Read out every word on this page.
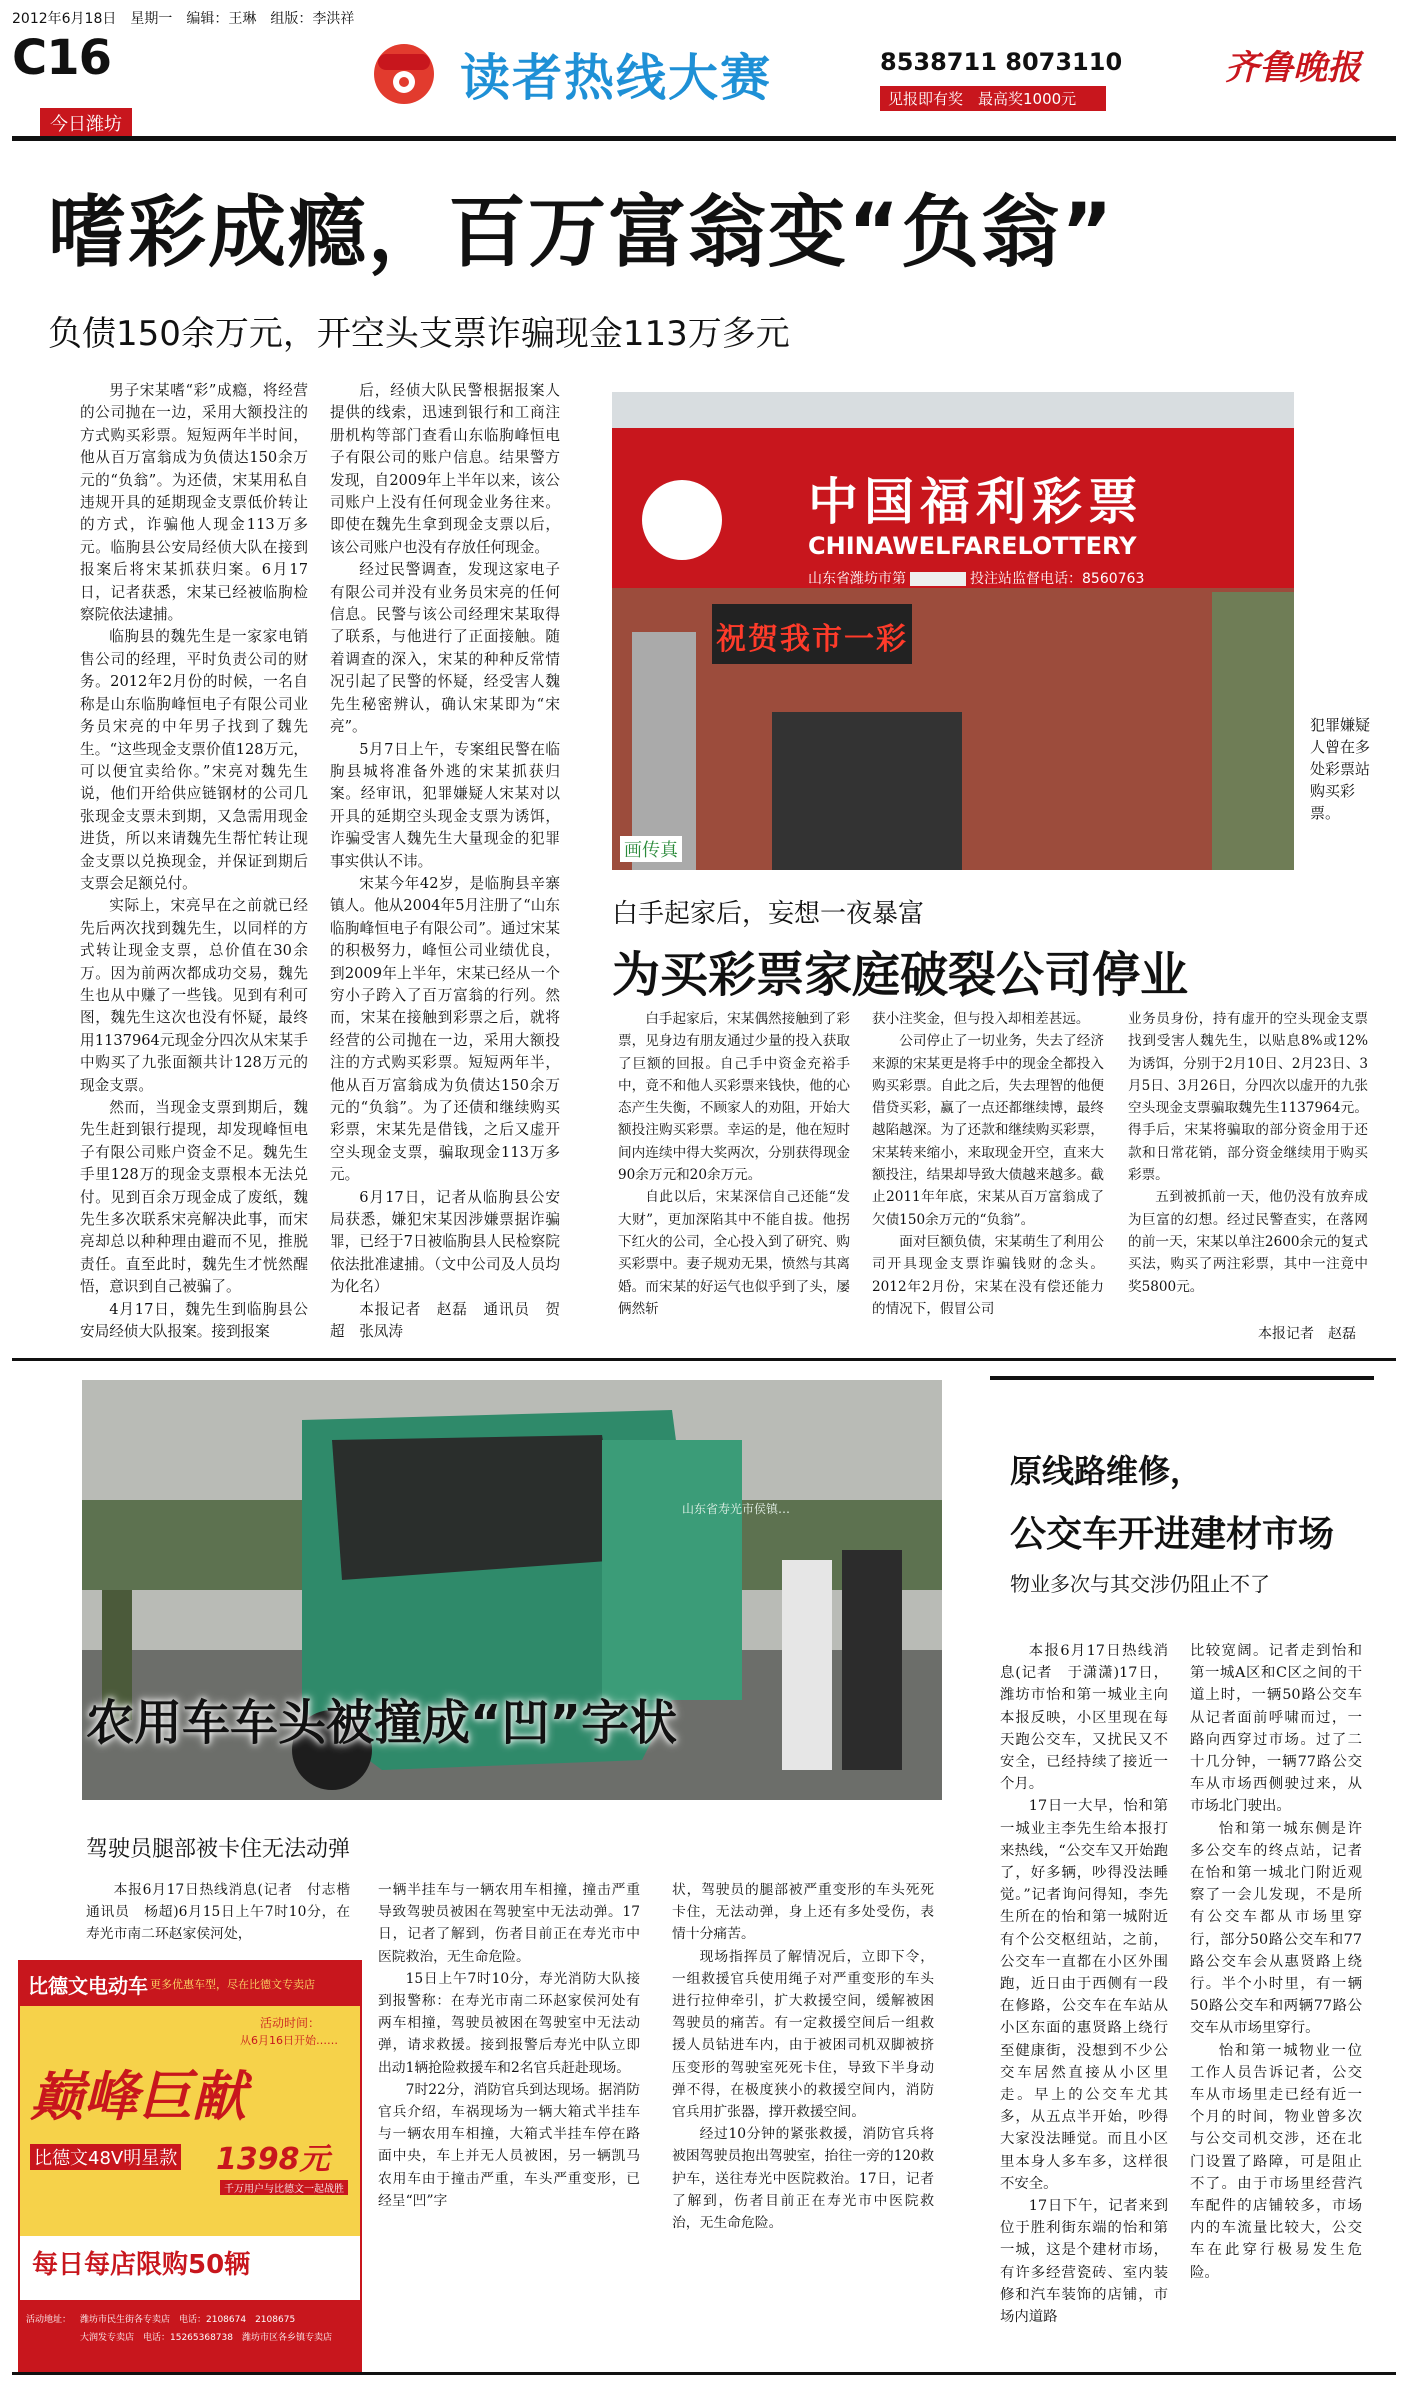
2012年6月18日　星期一　编辑：王琳　组版：李洪祥
C16
今日潍坊
读者热线大赛	8538711 8073110
见报即有奖　最高奖1000元
齐鲁晚报
嗜彩成瘾，百万富翁变“负翁”
负债150余万元，开空头支票诈骗现金113万多元

男子宋某嗜“彩”成瘾，将经营的公司抛在一边，采用大额投注的方式购买彩票。短短两年半时间，他从百万富翁成为负债达150余万元的“负翁”。为还债，宋某用私自违规开具的延期现金支票低价转让的方式，诈骗他人现金113万多元。临朐县公安局经侦大队在接到报案后将宋某抓获归案。6月17日，记者获悉，宋某已经被临朐检察院依法逮捕。

临朐县的魏先生是一家家电销售公司的经理，平时负责公司的财务。2012年2月份的时候，一名自称是山东临朐峰恒电子有限公司业务员宋亮的中年男子找到了魏先生。“这些现金支票价值128万元，可以便宜卖给你。”宋亮对魏先生说，他们开给供应链钢材的公司几张现金支票未到期，又急需用现金进货，所以来请魏先生帮忙转让现金支票以兑换现金，并保证到期后支票会足额兑付。

实际上，宋亮早在之前就已经先后两次找到魏先生，以同样的方式转让现金支票，总价值在30余万。因为前两次都成功交易，魏先生也从中赚了一些钱。见到有利可图，魏先生这次也没有怀疑，最终用1137964元现金分四次从宋某手中购买了九张面额共计128万元的现金支票。

然而，当现金支票到期后，魏先生赶到银行提现，却发现峰恒电子有限公司账户资金不足。魏先生手里128万的现金支票根本无法兑付。见到百余万现金成了废纸，魏先生多次联系宋亮解决此事，而宋亮却总以种种理由避而不见，推脱责任。直至此时，魏先生才恍然醒悟，意识到自己被骗了。

4月17日，魏先生到临朐县公安局经侦大队报案。接到报案

后，经侦大队民警根据报案人提供的线索，迅速到银行和工商注册机构等部门查看山东临朐峰恒电子有限公司的账户信息。结果警方发现，自2009年上半年以来，该公司账户上没有任何现金业务往来。即使在魏先生拿到现金支票以后，该公司账户也没有存放任何现金。

经过民警调查，发现这家电子有限公司并没有业务员宋亮的任何信息。民警与该公司经理宋某取得了联系，与他进行了正面接触。随着调查的深入，宋某的种种反常情况引起了民警的怀疑，经受害人魏先生秘密辨认，确认宋某即为“宋亮”。

5月7日上午，专案组民警在临朐县城将准备外逃的宋某抓获归案。经审讯，犯罪嫌疑人宋某对以开具的延期空头现金支票为诱饵，诈骗受害人魏先生大量现金的犯罪事实供认不讳。

宋某今年42岁，是临朐县辛寨镇人。他从2004年5月注册了“山东临朐峰恒电子有限公司”。通过宋某的积极努力，峰恒公司业绩优良，到2009年上半年，宋某已经从一个穷小子跨入了百万富翁的行列。然而，宋某在接触到彩票之后，就将经营的公司抛在一边，采用大额投注的方式购买彩票。短短两年半，他从百万富翁成为负债达150余万元的“负翁”。为了还债和继续购买彩票，宋某先是借钱，之后又虚开空头现金支票，骗取现金113万多元。

6月17日，记者从临朐县公安局获悉，嫌犯宋某因涉嫌票据诈骗罪，已经于7日被临朐县人民检察院依法批准逮捕。（文中公司及人员均为化名）

本报记者　赵磊　通讯员　贺超　张凤涛

中国福利彩票
CHINAWELFARELOTTERY
山东省潍坊市第	投注站监督电话：8560763
祝贺我市一彩
画传真
犯罪嫌疑人曾在多处彩票站购买彩票。
白手起家后，妄想一夜暴富
为买彩票家庭破裂公司停业

白手起家后，宋某偶然接触到了彩票，见身边有朋友通过少量的投入获取了巨额的回报。自己手中资金充裕手中，竟不和他人买彩票来钱快，他的心态产生失衡，不顾家人的劝阻，开始大额投注购买彩票。幸运的是，他在短时间内连续中得大奖两次，分别获得现金90余万元和20余万元。

自此以后，宋某深信自己还能“发大财”，更加深陷其中不能自拔。他拐下红火的公司，全心投入到了研究、购买彩票中。妻子规劝无果，愤然与其离婚。而宋某的好运气也似乎到了头，屡俩然斩

获小注奖金，但与投入却相差甚远。

公司停止了一切业务，失去了经济来源的宋某更是将手中的现金全都投入购买彩票。自此之后，失去理智的他便借贷买彩，赢了一点还都继续博，最终越陷越深。为了还款和继续购买彩票，宋某转来缩小，来取现金开空，直来大额投注，结果却导致大债越来越多。截止2011年年底，宋某从百万富翁成了欠债150余万元的“负翁”。

面对巨额负债，宋某萌生了利用公司开具现金支票诈骗钱财的念头。2012年2月份，宋某在没有偿还能力的情况下，假冒公司

业务员身份，持有虚开的空头现金支票找到受害人魏先生，以贴息8%或12%为诱饵，分别于2月10日、2月23日、3月5日、3月26日，分四次以虚开的九张空头现金支票骗取魏先生1137964元。得手后，宋某将骗取的部分资金用于还款和日常花销，部分资金继续用于购买彩票。

五到被抓前一天，他仍没有放弃成为巨富的幻想。经过民警查实，在落网的前一天，宋某以单注2600余元的复式买法，购买了两注彩票，其中一注竟中奖5800元。

本报记者　赵磊
山东省寿光市侯镇…
农用车车头被撞成“凹”字状
驾驶员腿部被卡住无法动弹

本报6月17日热线消息(记者　付志楷　通讯员　杨超)6月15日上午7时10分，在寿光市南二环赵家侯河处，

一辆半挂车与一辆农用车相撞，撞击严重导致驾驶员被困在驾驶室中无法动弹。17日，记者了解到，伤者目前正在寿光市中医院救治，无生命危险。

15日上午7时10分，寿光消防大队接到报警称：在寿光市南二环赵家侯河处有两车相撞，驾驶员被困在驾驶室中无法动弹，请求救援。接到报警后寿光中队立即出动1辆抢险救援车和2名官兵赶赴现场。

7时22分，消防官兵到达现场。据消防官兵介绍，车祸现场为一辆大箱式半挂车与一辆农用车相撞，大箱式半挂车停在路面中央，车上并无人员被困，另一辆凯马农用车由于撞击严重，车头严重变形，已经呈“凹”字

状，驾驶员的腿部被严重变形的车头死死卡住，无法动弹，身上还有多处受伤，表情十分痛苦。

现场指挥员了解情况后，立即下令，一组救援官兵使用绳子对严重变形的车头进行拉伸牵引，扩大救援空间，缓解被困驾驶员的痛苦。有一定救援空间后一组救援人员钻进车内，由于被困司机双脚被挤压变形的驾驶室死死卡住，导致下半身动弹不得，在极度狭小的救援空间内，消防官兵用扩张器，撑开救援空间。

经过10分钟的紧张救援，消防官兵将被困驾驶员抱出驾驶室，抬往一旁的120救护车，送往寿光中医院救治。17日，记者了解到，伤者目前正在寿光市中医院救治，无生命危险。

比德文电动车 更多优惠车型，尽在比德文专卖店
活动时间：
从6月16日开始……
巅峰巨献
比德文48V明星款 1398元
千万用户与比德文一起战胜
每日每店限购50辆
活动地址： 潍坊市民生街各专卖店　电话：2108674　2108675
大润发专卖店　电话：15265368738　潍坊市区各乡镇专卖店
原线路维修，
公交车开进建材市场
物业多次与其交涉仍阻止不了

本报6月17日热线消息(记者　于潇潇)17日，潍坊市怡和第一城业主向本报反映，小区里现在每天跑公交车，又扰民又不安全，已经持续了接近一个月。

17日一大早，怡和第一城业主李先生给本报打来热线，“公交车又开始跑了，好多辆，吵得没法睡觉。”记者询问得知，李先生所在的怡和第一城附近有个公交枢纽站，之前，公交车一直都在小区外围跑，近日由于西侧有一段在修路，公交车在车站从小区东面的惠贤路上绕行至健康街，没想到不少公交车居然直接从小区里走。早上的公交车尤其多，从五点半开始，吵得大家没法睡觉。而且小区里本身人多车多，这样很不安全。

17日下午，记者来到位于胜利街东端的怡和第一城，这是个建材市场，有许多经营瓷砖、室内装修和汽车装饰的店铺，市场内道路

比较宽阔。记者走到怡和第一城A区和C区之间的干道上时，一辆50路公交车从记者面前呼啸而过，一路向西穿过市场。过了二十几分钟，一辆77路公交车从市场西侧驶过来，从市场北门驶出。

怡和第一城东侧是许多公交车的终点站，记者在怡和第一城北门附近观察了一会儿发现，不是所有公交车都从市场里穿行，部分50路公交车和77路公交车会从惠贤路上绕行。半个小时里，有一辆50路公交车和两辆77路公交车从市场里穿行。

怡和第一城物业一位工作人员告诉记者，公交车从市场里走已经有近一个月的时间，物业曾多次与公交司机交涉，还在北门设置了路障，可是阻止不了。由于市场里经营汽车配件的店铺较多，市场内的车流量比较大，公交车在此穿行极易发生危险。
